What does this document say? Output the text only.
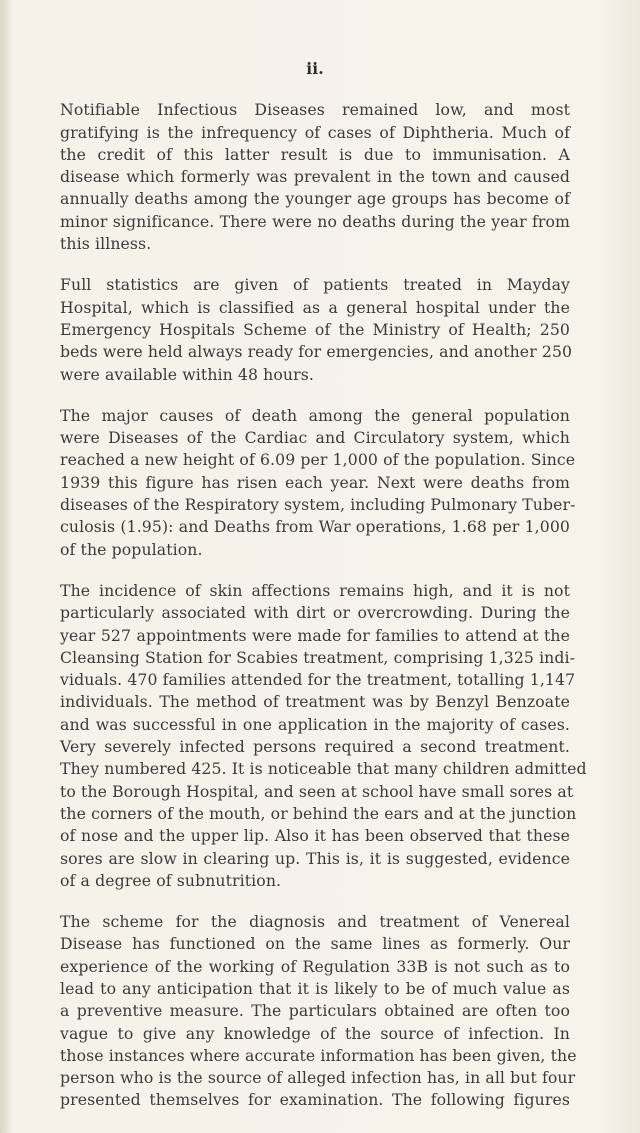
ii.
Notifiable Infectious Diseases remained low, and most
gratifying is the infrequency of cases of Diphtheria. Much of
the credit of this latter result is due to immunisation. A
disease which formerly was prevalent in the town and caused
annually deaths among the younger age groups has become of
minor significance. There were no deaths during the year from
this illness.
Full statistics are given of patients treated in Mayday
Hospital, which is classified as a general hospital under the
Emergency Hospitals Scheme of the Ministry of Health; 250
beds were held always ready for emergencies, and another 250
were available within 48 hours.
The major causes of death among the general population
were Diseases of the Cardiac and Circulatory system, which
reached a new height of 6.09 per 1,000 of the population. Since
1939 this figure has risen each year. Next were deaths from
diseases of the Respiratory system, including Pulmonary Tuber-
culosis (1.95): and Deaths from War operations, 1.68 per 1,000
of the population.
The incidence of skin affections remains high, and it is not
particularly associated with dirt or overcrowding. During the
year 527 appointments were made for families to attend at the
Cleansing Station for Scabies treatment, comprising 1,325 indi-
viduals. 470 families attended for the treatment, totalling 1,147
individuals. The method of treatment was by Benzyl Benzoate
and was successful in one application in the majority of cases.
Very severely infected persons required a second treatment.
They numbered 425. It is noticeable that many children admitted
to the Borough Hospital, and seen at school have small sores at
the corners of the mouth, or behind the ears and at the junction
of nose and the upper lip. Also it has been observed that these
sores are slow in clearing up. This is, it is suggested, evidence
of a degree of subnutrition.
The scheme for the diagnosis and treatment of Venereal
Disease has functioned on the same lines as formerly. Our
experience of the working of Regulation 33B is not such as to
lead to any anticipation that it is likely to be of much value as
a preventive measure. The particulars obtained are often too
vague to give any knowledge of the source of infection. In
those instances where accurate information has been given, the
person who is the source of alleged infection has, in all but four
presented themselves for examination. The following figures
